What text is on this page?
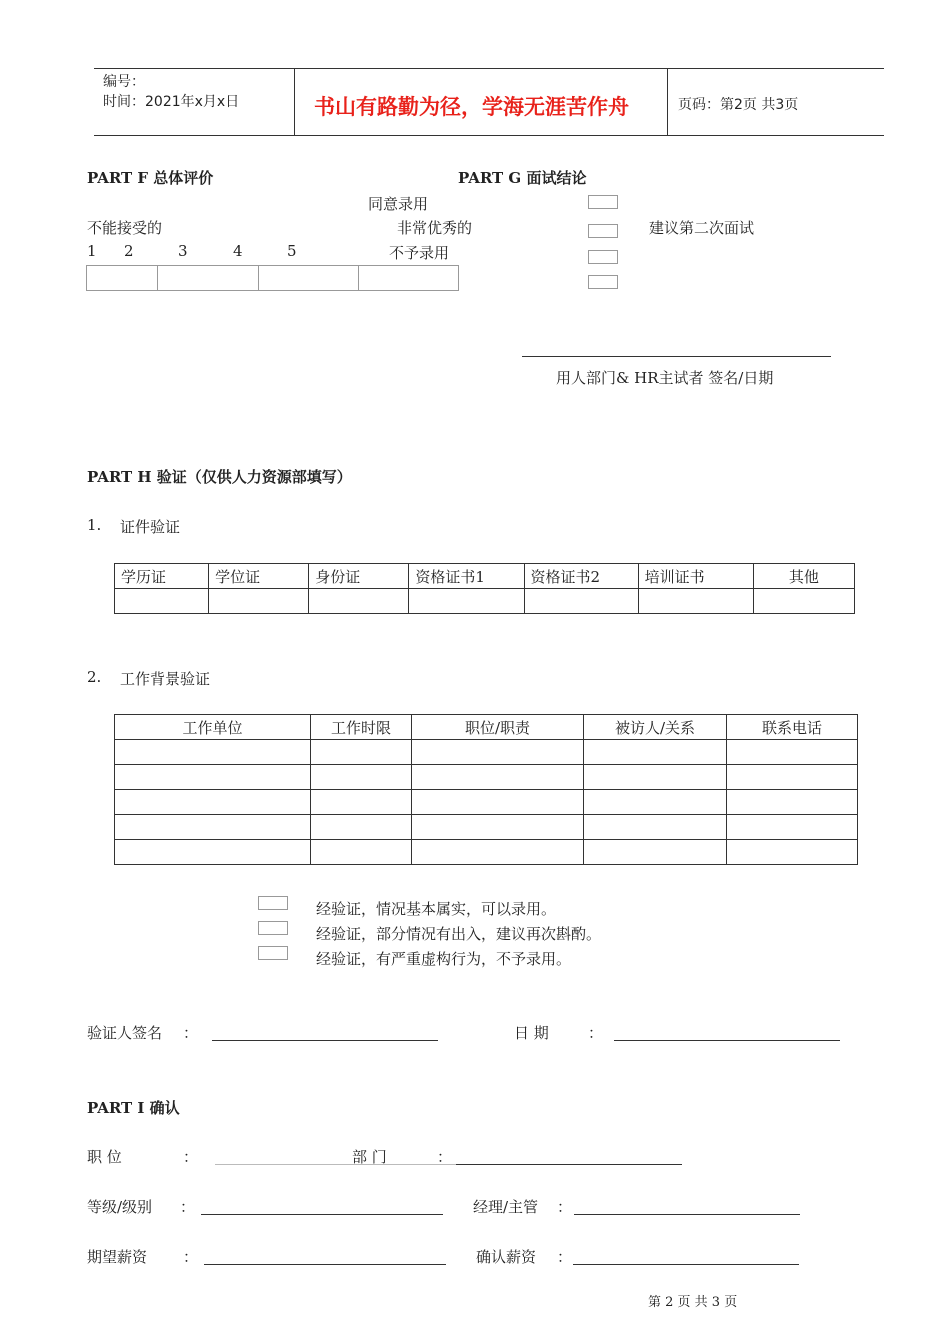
编号：
时间：2021年x月x日	书山有路勤为径，学海无涯苦作舟	页码：第2页 共3页
PART F 总体评价	PART G 面试结论
不能接受的	非常优秀的
1 2	3	4	5
同意录用
建议第二次面试
不予录用
用人部门& HR主试者 签名/日期
PART H 验证（仅供人力资源部填写）
1. 证件验证
学历证	学位证	身份证	资格证书1	资格证书2	培训证书	其他

2. 工作背景验证
工作单位	工作时限	职位/职责	被访人/关系	联系电话

经验证，情况基本属实，可以录用。
经验证，部分情况有出入，建议再次斟酌。
经验证，有严重虚构行为，不予录用。
验证人签名 ：	日 期	：
PART I 确认
职 位	：	部 门	：
等级/级别 ：	经理/主管 ：
期望薪资 ：	确认薪资 ：
第 2 页 共 3 页
